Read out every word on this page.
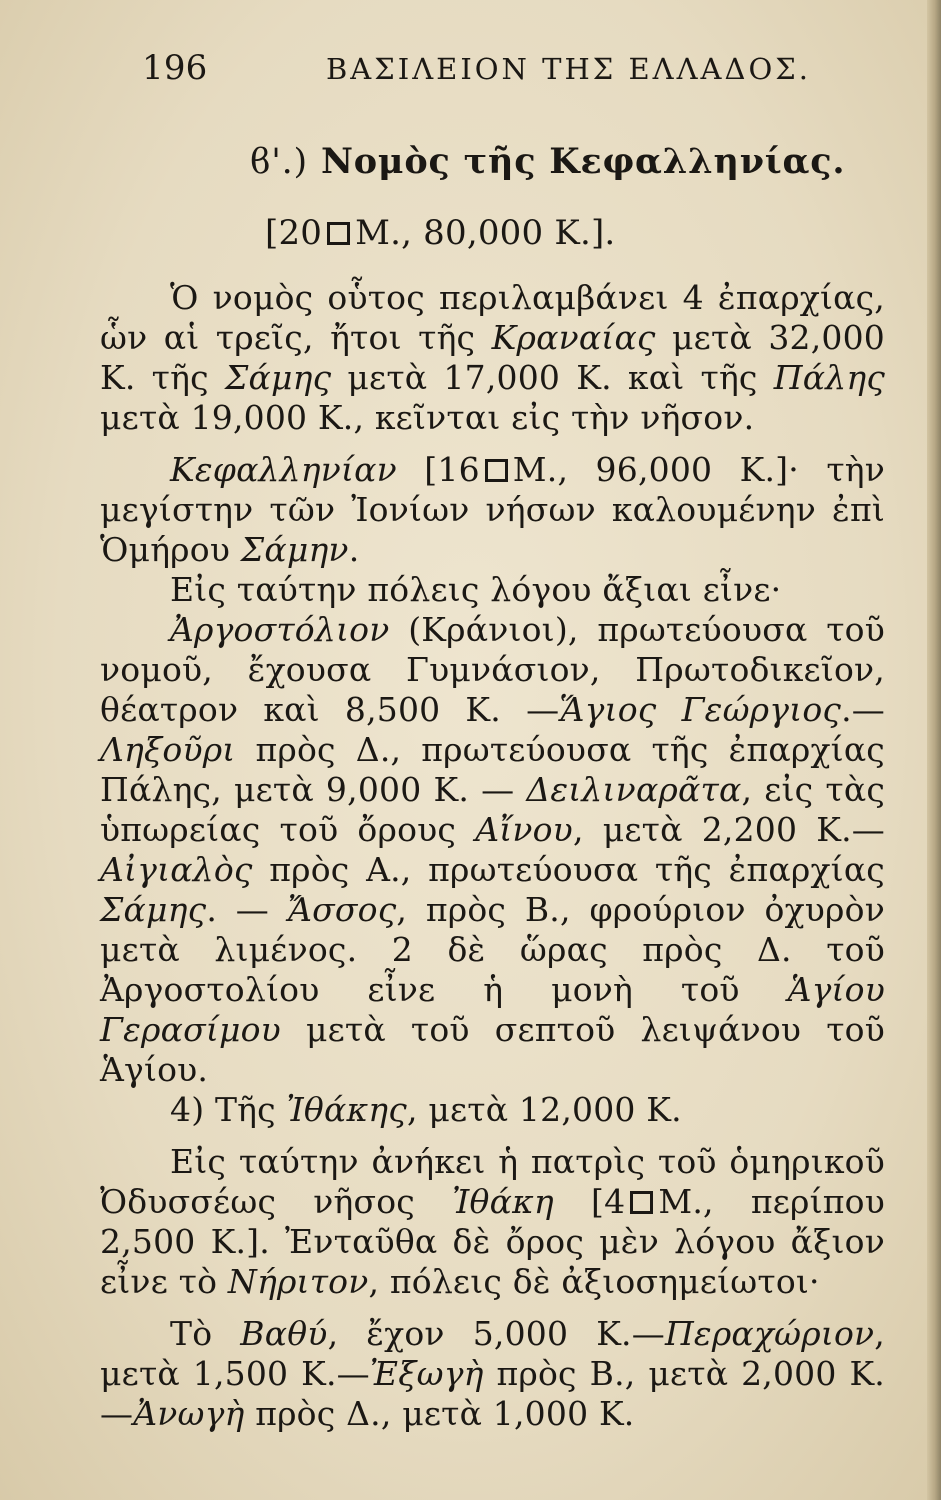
196	ΒΑΣΙΛΕΙΟΝ ΤΗΣ ΕΛΛΑΔΟΣ.
ϐ'.) Νομὸς τῆς Κεφαλληνίας.
[20 Μ., 80,000 Κ.].

Ὁ νομὸς οὗτος περιλαμβάνει 4 ἐπαρχίας, ὧν αἱ τρεῖς, ἤτοι τῆς Κραναίας μετὰ 32,000 Κ. τῆς Σάμης μετὰ 17,000 Κ. καὶ τῆς Πάλης μετὰ 19,000 Κ., κεῖνται εἰς τὴν νῆσον.

Κεφαλληνίαν [16 Μ., 96,000 Κ.]· τὴν μεγίστην τῶν Ἰονίων νήσων καλουμένην ἐπὶ Ὁμήρου Σάμην.

Εἰς ταύτην πόλεις λόγου ἄξιαι εἶνε·

Ἀργοστόλιον (Κράνιοι), πρωτεύουσα τοῦ νομοῦ, ἔχουσα Γυμνάσιον, Πρωτοδικεῖον, θέατρον καὶ 8,500 Κ. —Ἅγιος Γεώργιος.—Ληξοῦρι πρὸς Δ., πρωτεύουσα τῆς ἐπαρχίας Πάλης, μετὰ 9,000 Κ. — Δειλιναρᾶτα, εἰς τὰς ὑπωρείας τοῦ ὄρους Αἴνου, μετὰ 2,200 Κ.— Αἰγιαλὸς πρὸς Α., πρωτεύουσα τῆς ἐπαρχίας Σάμης. — Ἄσσος, πρὸς Β., φρούριον ὀχυρὸν μετὰ λιμένος. 2 δὲ ὥρας πρὸς Δ. τοῦ Ἀργοστολίου εἶνε ἡ μονὴ τοῦ Ἁγίου Γερασίμου μετὰ τοῦ σεπτοῦ λειψάνου τοῦ Ἁγίου.

4) Τῆς Ἰθάκης, μετὰ 12,000 Κ.

Εἰς ταύτην ἀνήκει ἡ πατρὶς τοῦ ὁμηρικοῦ Ὀδυσσέως νῆσος Ἰθάκη [4 Μ., περίπου 2,500 Κ.]. Ἐνταῦθα δὲ ὄρος μὲν λόγου ἄξιον εἶνε τὸ Νήριτον, πόλεις δὲ ἀξιοσημείωτοι·

Τὸ Βαθύ, ἔχον 5,000 Κ.—Περαχώριον, μετὰ 1,500 Κ.—Ἐξωγὴ πρὸς Β., μετὰ 2,000 Κ.—Ἀνωγὴ πρὸς Δ., μετὰ 1,000 Κ.
